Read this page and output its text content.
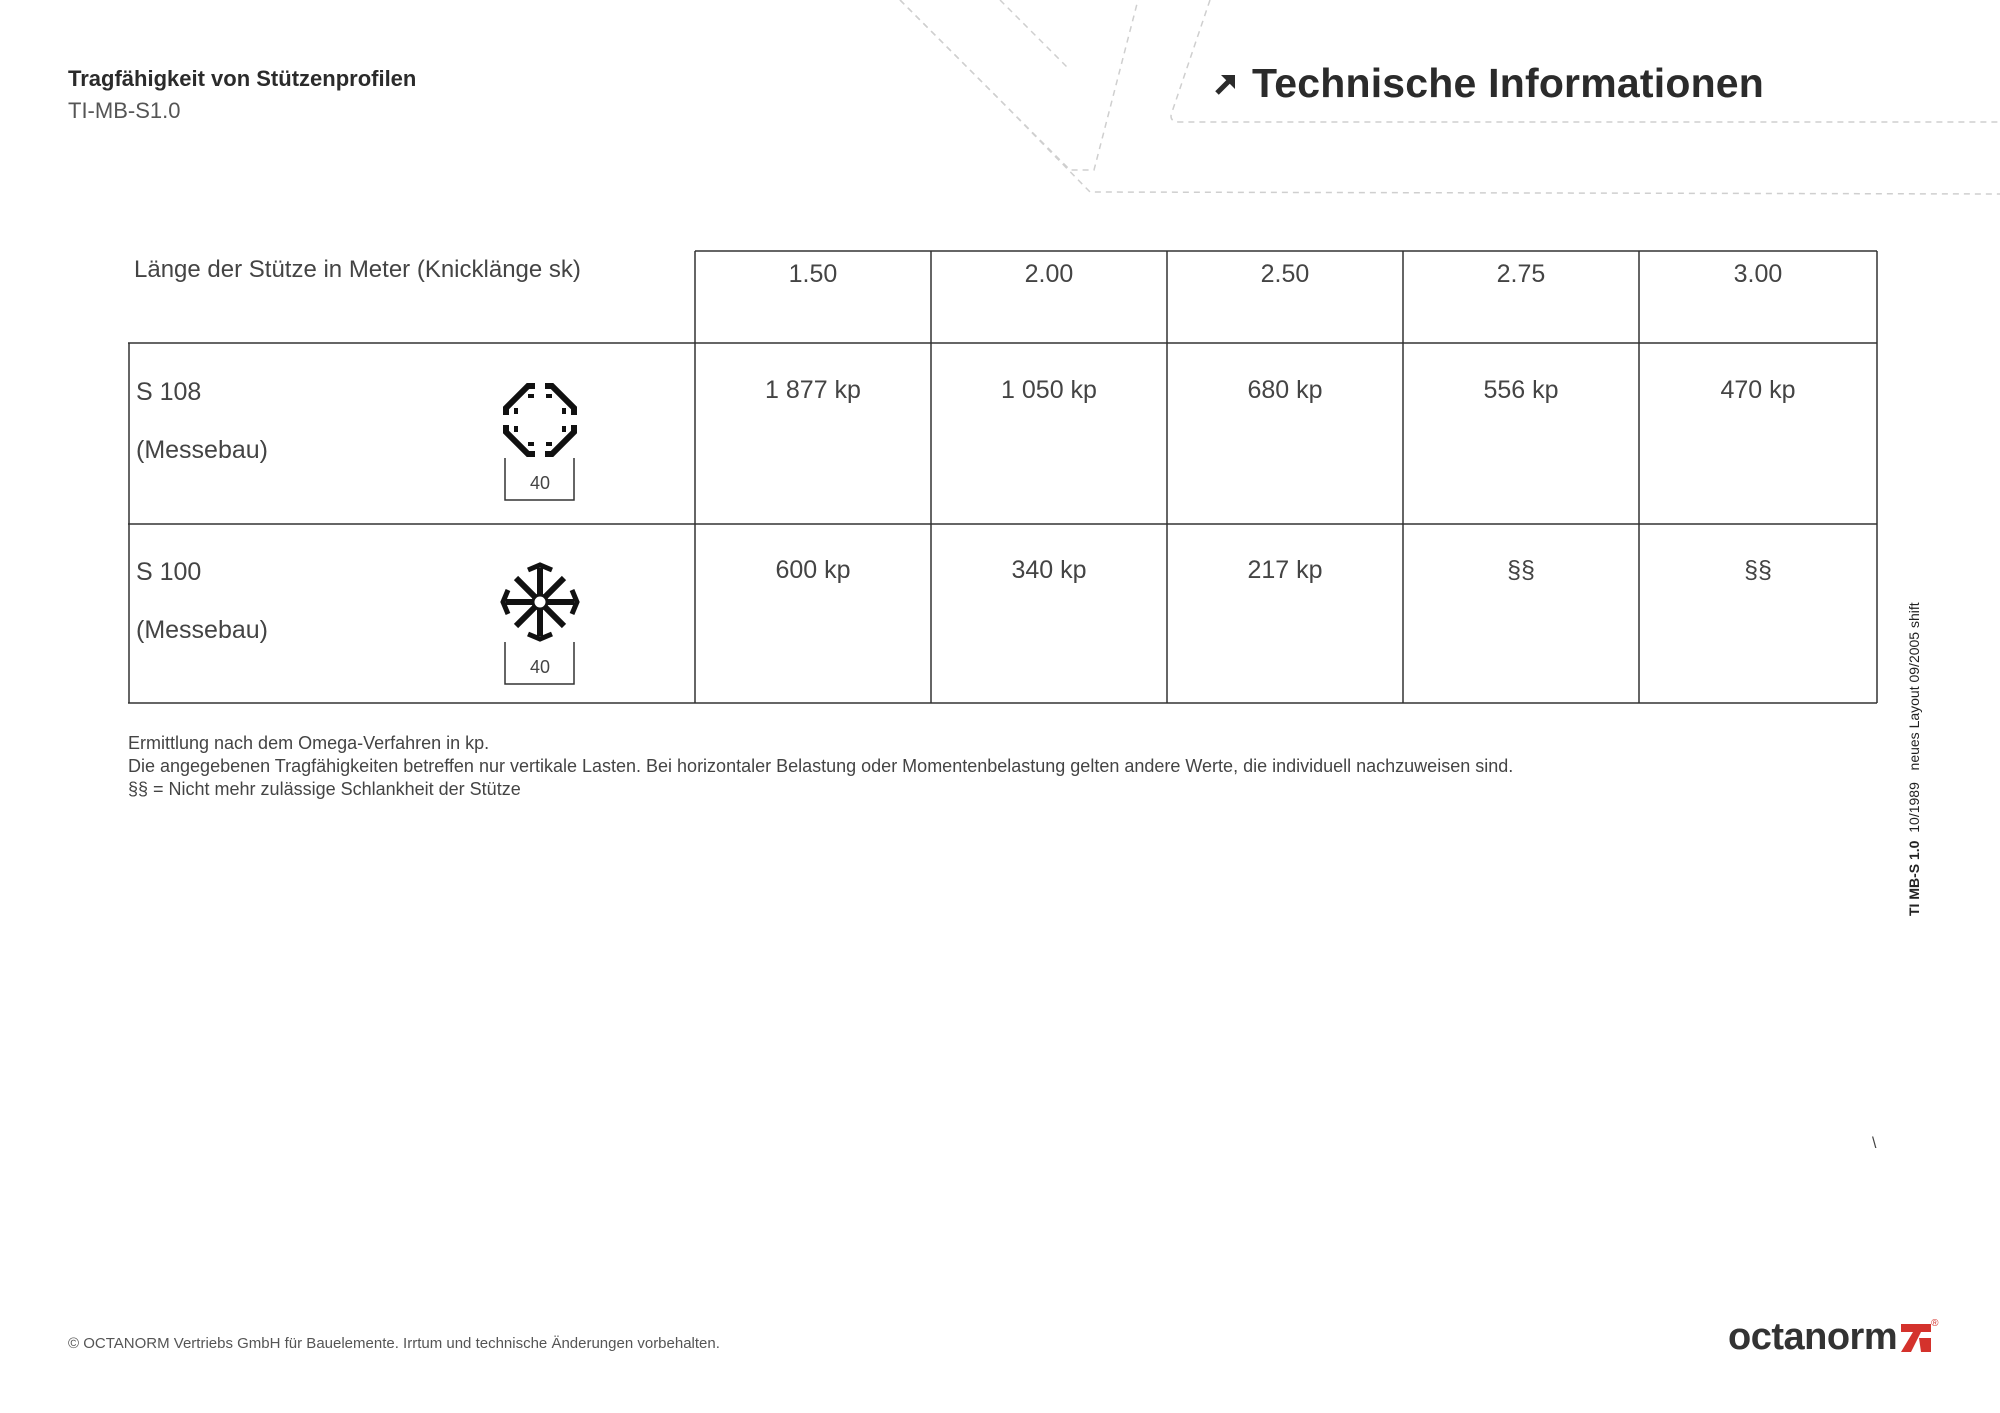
Tragfähigkeit von Stützenprofilen
TI-MB-S1.0
Technische Informationen
Länge der Stütze in Meter (Knicklänge sk)	1.50	2.00	2.50	2.75	3.00
S 108
(Messebau)
40
1 877 kp	1 050 kp	680 kp	556 kp	470 kp
S 100
(Messebau)
40
600 kp	340 kp	217 kp	§§	§§
Ermittlung nach dem Omega-Verfahren in kp.
Die angegebenen Tragfähigkeiten betreffen nur vertikale Lasten. Bei horizontaler Belastung oder Momentenbelastung gelten andere Werte, die individuell nachzuweisen sind.
§§ = Nicht mehr zulässige Schlankheit der Stütze
TI MB-S 1.0  10/1989   neues Layout 09/2005 shift
\
© OCTANORM Vertriebs GmbH für Bauelemente. Irrtum und technische Änderungen vorbehalten.	octanorm	®
